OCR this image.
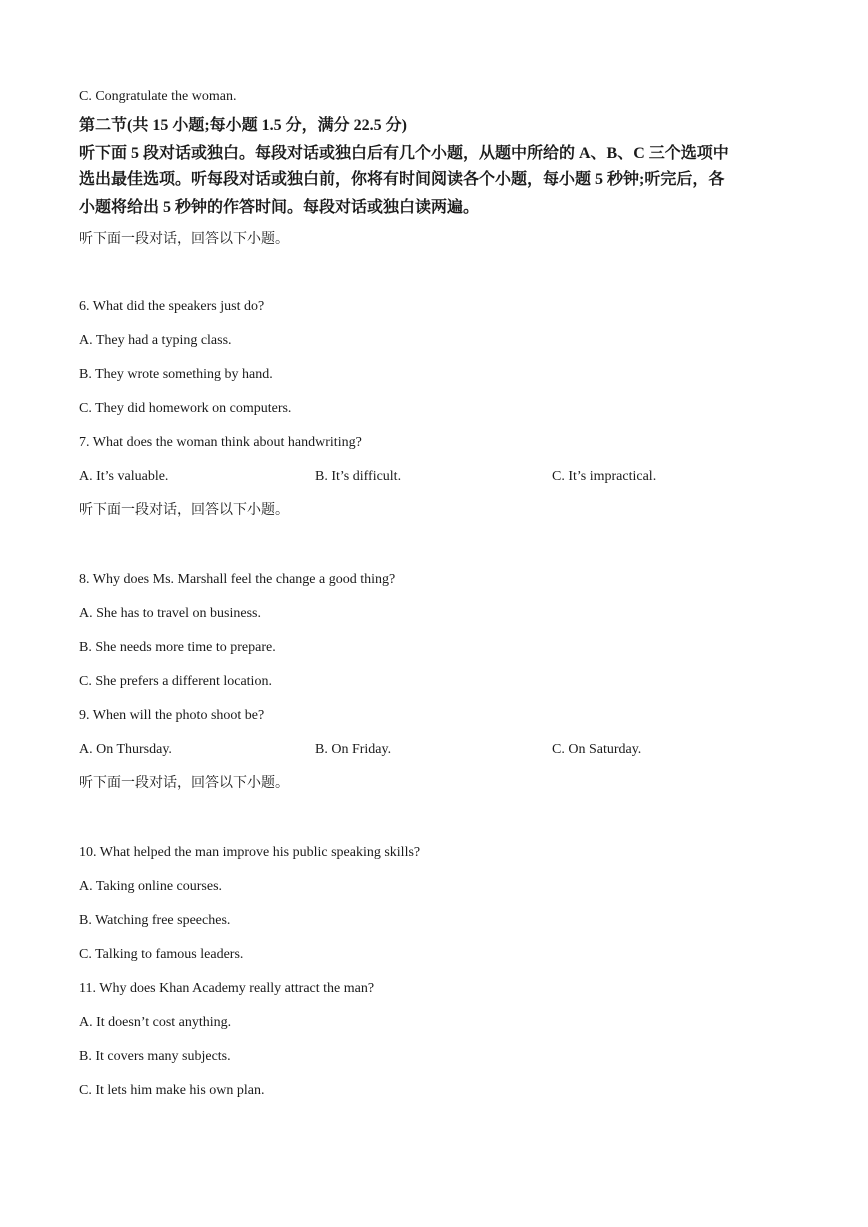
C. Congratulate the woman.
第二节(共 15 小题;每小题 1.5 分，满分 22.5 分)
听下面 5 段对话或独白。每段对话或独白后有几个小题，从题中所给的 A、B、C 三个选项中
选出最佳选项。听每段对话或独白前，你将有时间阅读各个小题，每小题 5 秒钟;听完后，各
小题将给出 5 秒钟的作答时间。每段对话或独白读两遍。
听下面一段对话，回答以下小题。
6. What did the speakers just do?
A. They had a typing class.
B. They wrote something by hand.
C. They did homework on computers.
7. What does the woman think about handwriting?
A. It’s valuable.	B. It’s difficult.	C. It’s impractical.
听下面一段对话，回答以下小题。
8. Why does Ms. Marshall feel the change a good thing?
A. She has to travel on business.
B. She needs more time to prepare.
C. She prefers a different location.
9. When will the photo shoot be?
A. On Thursday.	B. On Friday.	C. On Saturday.
听下面一段对话，回答以下小题。
10. What helped the man improve his public speaking skills?
A. Taking online courses.
B. Watching free speeches.
C. Talking to famous leaders.
11. Why does Khan Academy really attract the man?
A. It doesn’t cost anything.
B. It covers many subjects.
C. It lets him make his own plan.
